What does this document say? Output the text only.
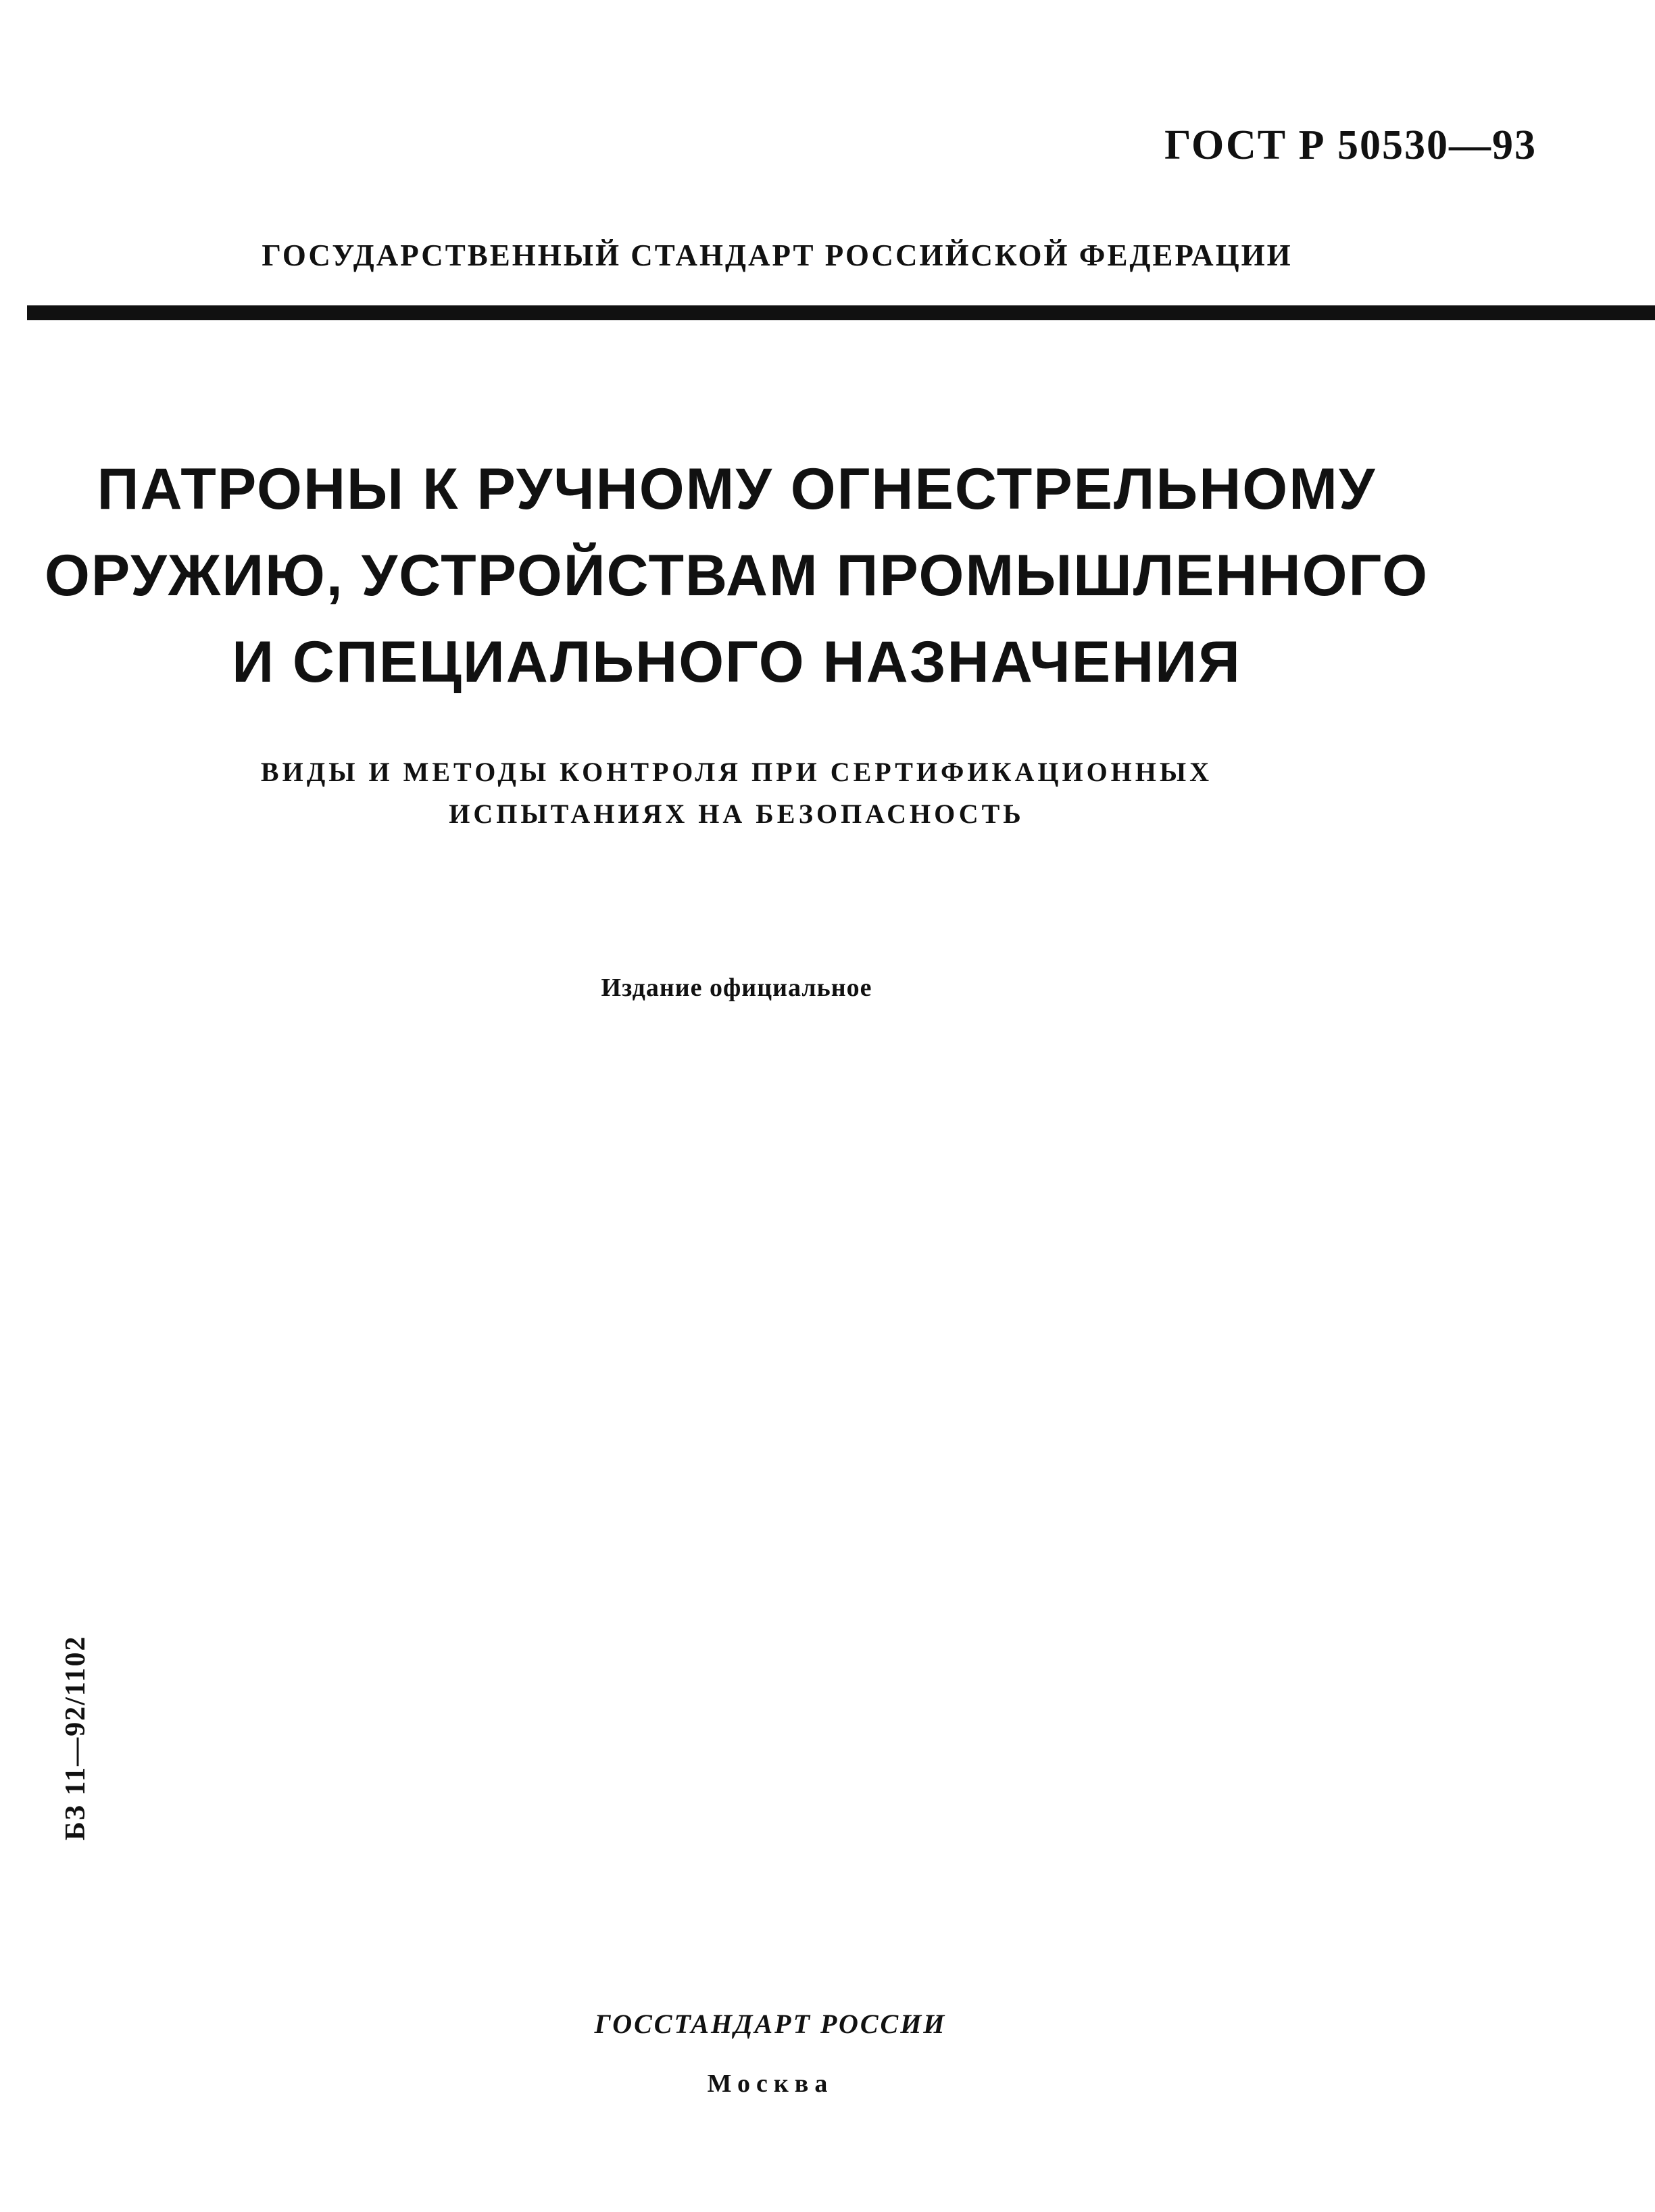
ГОСТ Р 50530—93
ГОСУДАРСТВЕННЫЙ СТАНДАРТ РОССИЙСКОЙ ФЕДЕРАЦИИ
ПАТРОНЫ К РУЧНОМУ ОГНЕСТРЕЛЬНОМУ
ОРУЖИЮ, УСТРОЙСТВАМ ПРОМЫШЛЕННОГО
И СПЕЦИАЛЬНОГО НАЗНАЧЕНИЯ
ВИДЫ И МЕТОДЫ КОНТРОЛЯ ПРИ СЕРТИФИКАЦИОННЫХ
ИСПЫТАНИЯХ НА БЕЗОПАСНОСТЬ
Издание официальное
БЗ 11—92/1102
ГОССТАНДАРТ РОССИИ
Москва
